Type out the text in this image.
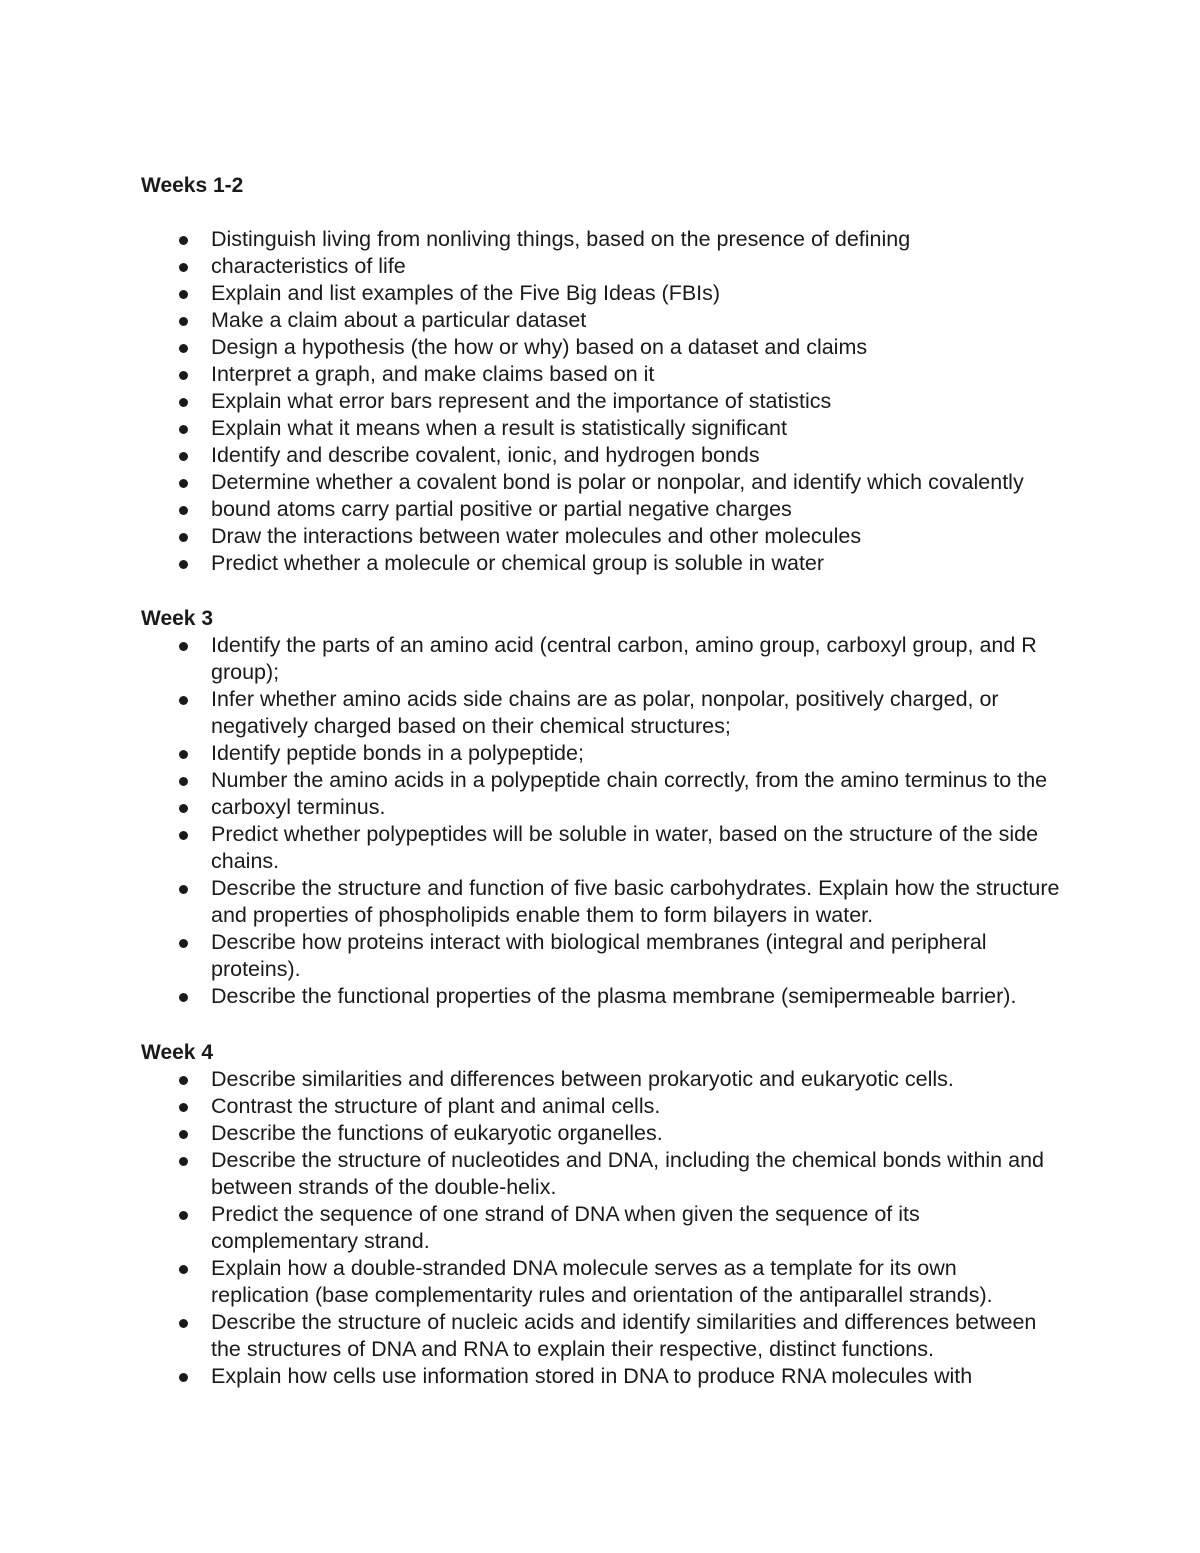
Weeks 1-2
Distinguish living from nonliving things, based on the presence of defining
characteristics of life
Explain and list examples of the Five Big Ideas (FBIs)
Make a claim about a particular dataset
Design a hypothesis (the how or why) based on a dataset and claims
Interpret a graph, and make claims based on it
Explain what error bars represent and the importance of statistics
Explain what it means when a result is statistically significant
Identify and describe covalent, ionic, and hydrogen bonds
Determine whether a covalent bond is polar or nonpolar, and identify which covalently
bound atoms carry partial positive or partial negative charges
Draw the interactions between water molecules and other molecules
Predict whether a molecule or chemical group is soluble in water
Week 3
Identify the parts of an amino acid (central carbon, amino group, carboxyl group, and R
group);
Infer whether amino acids side chains are as polar, nonpolar, positively charged, or
negatively charged based on their chemical structures;
Identify peptide bonds in a polypeptide;
Number the amino acids in a polypeptide chain correctly, from the amino terminus to the
carboxyl terminus.
Predict whether polypeptides will be soluble in water, based on the structure of the side
chains.
Describe the structure and function of five basic carbohydrates. Explain how the structure
and properties of phospholipids enable them to form bilayers in water.
Describe how proteins interact with biological membranes (integral and peripheral
proteins).
Describe the functional properties of the plasma membrane (semipermeable barrier).
Week 4
Describe similarities and differences between prokaryotic and eukaryotic cells.
Contrast the structure of plant and animal cells.
Describe the functions of eukaryotic organelles.
Describe the structure of nucleotides and DNA, including the chemical bonds within and
between strands of the double-helix.
Predict the sequence of one strand of DNA when given the sequence of its
complementary strand.
Explain how a double-stranded DNA molecule serves as a template for its own
replication (base complementarity rules and orientation of the antiparallel strands).
Describe the structure of nucleic acids and identify similarities and differences between
the structures of DNA and RNA to explain their respective, distinct functions.
Explain how cells use information stored in DNA to produce RNA molecules with
